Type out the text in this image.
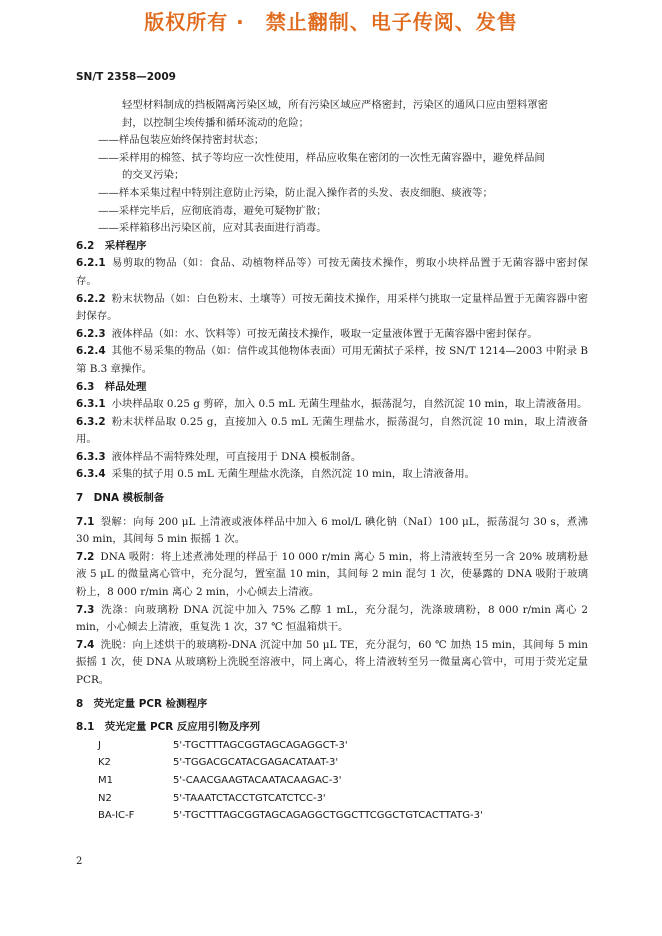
版权所有 ·　禁止翻制、电子传阅、发售
SN/T 2358—2009

轻型材料制成的挡板隔离污染区域，所有污染区域应严格密封，污染区的通风口应由塑料罩密

封，以控制尘埃传播和循环流动的危险；

——样品包装应始终保持密封状态；

——采样用的棉签、拭子等均应一次性使用，样品应收集在密闭的一次性无菌容器中，避免样品间

的交叉污染；

——样本采集过程中特别注意防止污染，防止混入操作者的头发、表皮细胞、痰液等；

——采样完毕后，应彻底消毒，避免可疑物扩散；

——采样箱移出污染区前，应对其表面进行消毒。

6.2　采样程序

6.2.1 易剪取的物品（如：食品、动植物样品等）可按无菌技术操作，剪取小块样品置于无菌容器中密封保存。

6.2.2 粉末状物品（如：白色粉末、土壤等）可按无菌技术操作，用采样勺挑取一定量样品置于无菌容器中密封保存。

6.2.3 液体样品（如：水、饮料等）可按无菌技术操作，吸取一定量液体置于无菌容器中密封保存。

6.2.4 其他不易采集的物品（如：信件或其他物体表面）可用无菌拭子采样，按 SN/T 1214—2003 中附录 B 第 B.3 章操作。

6.3　样品处理

6.3.1 小块样品取 0.25 g 剪碎，加入 0.5 mL 无菌生理盐水，振荡混匀，自然沉淀 10 min，取上清液备用。

6.3.2 粉末状样品取 0.25 g，直接加入 0.5 mL 无菌生理盐水，振荡混匀，自然沉淀 10 min，取上清液备用。

6.3.3 液体样品不需特殊处理，可直接用于 DNA 模板制备。

6.3.4 采集的拭子用 0.5 mL 无菌生理盐水洗涤，自然沉淀 10 min，取上清液备用。

7　DNA 模板制备

7.1 裂解：向每 200 μL 上清液或液体样品中加入 6 mol/L 碘化钠（NaI）100 μL，振荡混匀 30 s，煮沸 30 min，其间每 5 min 振摇 1 次。

7.2 DNA 吸附：将上述煮沸处理的样品于 10 000 r/min 离心 5 min，将上清液转至另一含 20% 玻璃粉悬液 5 μL 的微量离心管中，充分混匀，置室温 10 min，其间每 2 min 混匀 1 次，使暴露的 DNA 吸附于玻璃粉上，8 000 r/min 离心 2 min，小心倾去上清液。

7.3 洗涤：向玻璃粉 DNA 沉淀中加入 75% 乙醇 1 mL，充分混匀，洗涤玻璃粉，8 000 r/min 离心 2 min，小心倾去上清液，重复洗 1 次，37 ℃ 恒温箱烘干。

7.4 洗脱：向上述烘干的玻璃粉-DNA 沉淀中加 50 μL TE，充分混匀，60 ℃ 加热 15 min，其间每 5 min 振摇 1 次，使 DNA 从玻璃粉上洗脱至溶液中，同上离心，将上清液转至另一微量离心管中，可用于荧光定量 PCR。

8　荧光定量 PCR 检测程序

8.1　荧光定量 PCR 反应用引物及序列

J	5'-TGCTTTAGCGGTAGCAGAGGCT-3'
K2	5'-TGGACGCATACGAGACATAAT-3'
M1	5'-CAACGAAGTACAATACAAGAC-3'
N2	5'-TAAATCTACCTGTCATCTCC-3'
BA-IC-F	5'-TGCTTTAGCGGTAGCAGAGGCTGGCTTCGGCTGTCACTTATG-3'
2
